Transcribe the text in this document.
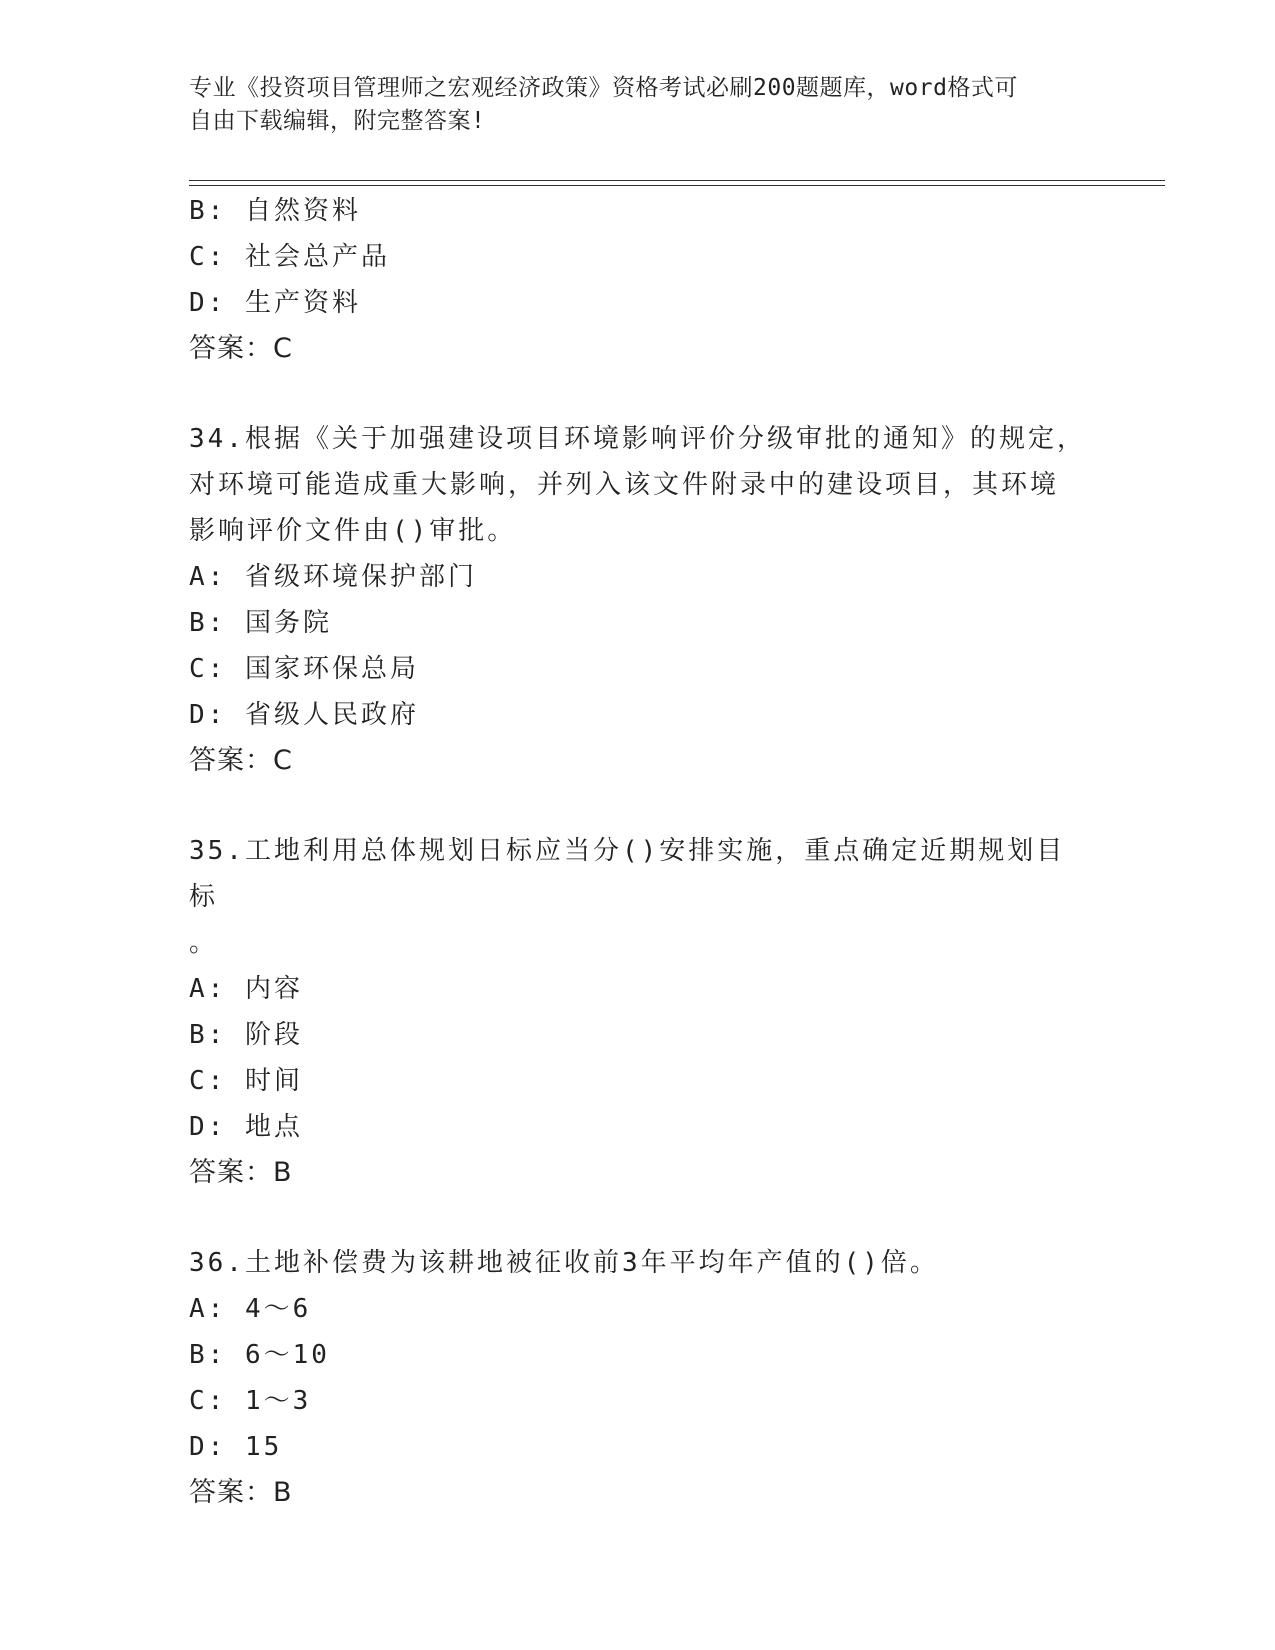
专业《投资项目管理师之宏观经济政策》资格考试必刷200题题库，word格式可
自由下载编辑，附完整答案!
B: 自然资料
C: 社会总产品
D: 生产资料
答案：C
34.根据《关于加强建设项目环境影响评价分级审批的通知》的规定，
对环境可能造成重大影响，并列入该文件附录中的建设项目，其环境
影响评价文件由()审批。
A: 省级环境保护部门
B: 国务院
C: 国家环保总局
D: 省级人民政府
答案：C
35.工地利用总体规划日标应当分()安排实施，重点确定近期规划目标
。
A: 内容
B: 阶段
C: 时间
D: 地点
答案：B
36.土地补偿费为该耕地被征收前3年平均年产值的()倍。
A: 4～6
B: 6～10
C: 1～3
D: 15
答案：B
